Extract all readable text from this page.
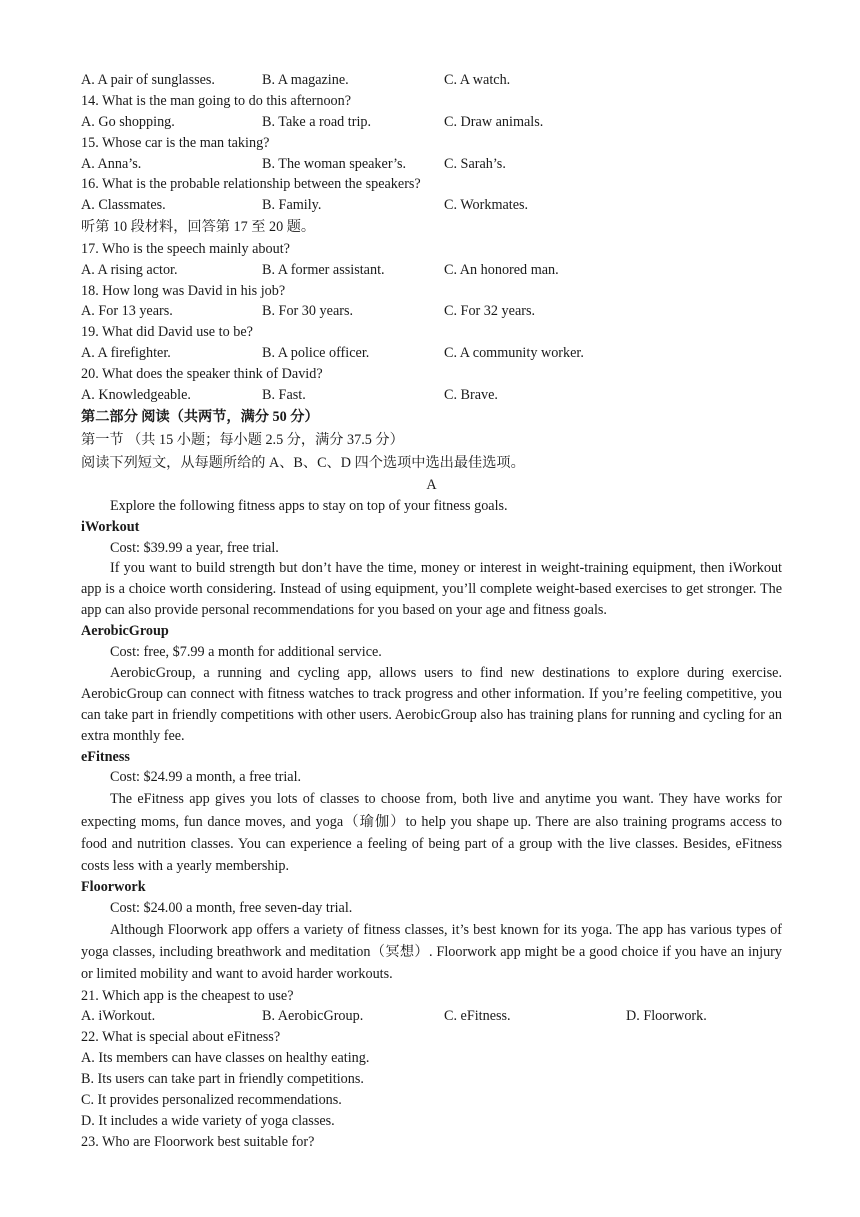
A. A pair of sunglasses.	B. A magazine.	C. A watch.
14. What is the man going to do this afternoon?
A. Go shopping.	B. Take a road trip.	C. Draw animals.
15. Whose car is the man taking?
A. Anna’s.	B. The woman speaker’s.	C. Sarah’s.
16. What is the probable relationship between the speakers?
A. Classmates.	B. Family.	C. Workmates.
听第 10 段材料，回答第 17 至 20 题。
17. Who is the speech mainly about?
A. A rising actor.	B. A former assistant.	C. An honored man.
18. How long was David in his job?
A. For 13 years.	B. For 30 years.	C. For 32 years.
19. What did David use to be?
A. A firefighter.	B. A police officer.	C. A community worker.
20. What does the speaker think of David?
A. Knowledgeable.	B. Fast.	C. Brave.
第二部分 阅读（共两节，满分 50 分）
第一节 （共 15 小题；每小题 2.5 分，满分 37.5 分）
阅读下列短文，从每题所给的 A、B、C、D 四个选项中选出最佳选项。
A
Explore the following fitness apps to stay on top of your fitness goals.
iWorkout
Cost: $39.99 a year, free trial.

If you want to build strength but don’t have the time, money or interest in weight-training equipment, then iWorkout app is a choice worth considering. Instead of using equipment, you’ll complete weight-based exercises to get stronger. The app can also provide personal recommendations for you based on your age and fitness goals.

AerobicGroup
Cost: free, $7.99 a month for additional service.

AerobicGroup, a running and cycling app, allows users to find new destinations to explore during exercise. AerobicGroup can connect with fitness watches to track progress and other information. If you’re feeling competitive, you can take part in friendly competitions with other users. AerobicGroup also has training plans for running and cycling for an extra monthly fee.

eFitness
Cost: $24.99 a month, a free trial.

The eFitness app gives you lots of classes to choose from, both live and anytime you want. They have works for expecting moms, fun dance moves, and yoga（瑜伽）to help you shape up. There are also training programs access to food and nutrition classes. You can experience a feeling of being part of a group with the live classes. Besides, eFitness costs less with a yearly membership.

Floorwork
Cost: $24.00 a month, free seven-day trial.

Although Floorwork app offers a variety of fitness classes, it’s best known for its yoga. The app has various types of yoga classes, including breathwork and meditation（冥想）. Floorwork app might be a good choice if you have an injury or limited mobility and want to avoid harder workouts.

21. Which app is the cheapest to use?
A. iWorkout.	B. AerobicGroup.	C. eFitness.	D. Floorwork.
22. What is special about eFitness?
A. Its members can have classes on healthy eating.
B. Its users can take part in friendly competitions.
C. It provides personalized recommendations.
D. It includes a wide variety of yoga classes.
23. Who are Floorwork best suitable for?
